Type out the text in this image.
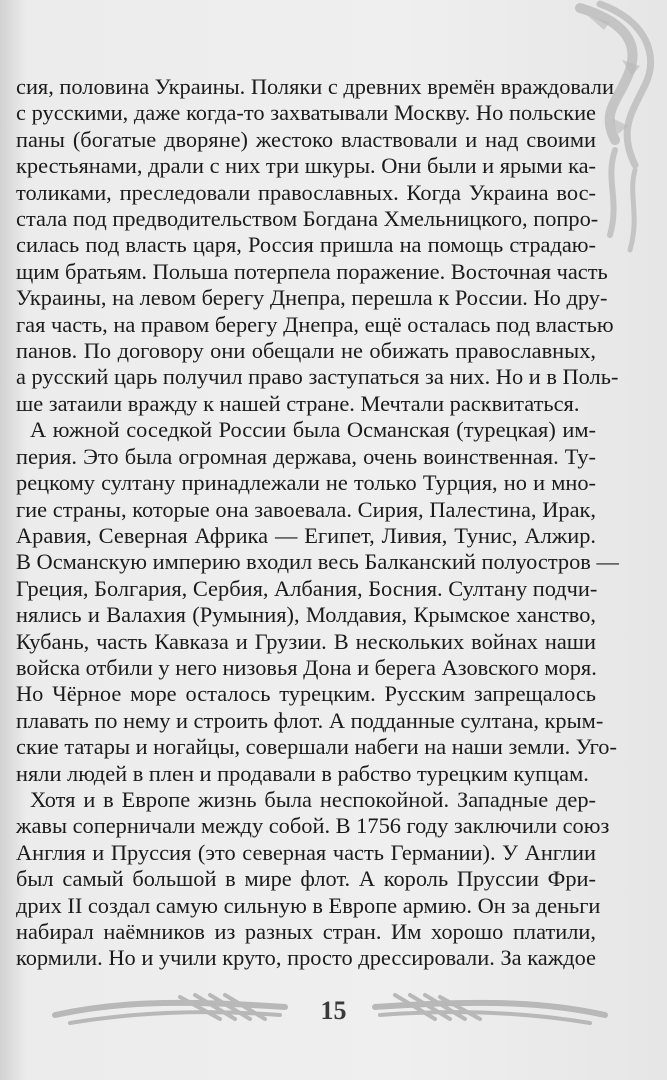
сия, половина Украины. Поляки с древних времён враждовали
с русскими, даже когда-то захватывали Москву. Но польские
паны (богатые дворяне) жестоко властвовали и над своими
крестьянами, драли с них три шкуры. Они были и ярыми ка-
толиками, преследовали православных. Когда Украина вос-
стала под предводительством Богдана Хмельницкого, попро-
силась под власть царя, Россия пришла на помощь страдаю-
щим братьям. Польша потерпела поражение. Восточная часть
Украины, на левом берегу Днепра, перешла к России. Но дру-
гая часть, на правом берегу Днепра, ещё осталась под властью
панов. По договору они обещали не обижать православных,
а русский царь получил право заступаться за них. Но и в Поль-
ше затаили вражду к нашей стране. Мечтали расквитаться.
А южной соседкой России была Османская (турецкая) им-
перия. Это была огромная держава, очень воинственная. Ту-
рецкому султану принадлежали не только Турция, но и мно-
гие страны, которые она завоевала. Сирия, Палестина, Ирак,
Аравия, Северная Африка — Египет, Ливия, Тунис, Алжир.
В Османскую империю входил весь Балканский полуостров —
Греция, Болгария, Сербия, Албания, Босния. Султану подчи-
нялись и Валахия (Румыния), Молдавия, Крымское ханство,
Кубань, часть Кавказа и Грузии. В нескольких войнах наши
войска отбили у него низовья Дона и берега Азовского моря.
Но Чёрное море осталось турецким. Русским запрещалось
плавать по нему и строить флот. А подданные султана, крым-
ские татары и ногайцы, совершали набеги на наши земли. Уго-
няли людей в плен и продавали в рабство турецким купцам.
Хотя и в Европе жизнь была неспокойной. Западные дер-
жавы соперничали между собой. В 1756 году заключили союз
Англия и Пруссия (это северная часть Германии). У Англии
был самый большой в мире флот. А король Пруссии Фри-
дрих II создал самую сильную в Европе армию. Он за деньги
набирал наёмников из разных стран. Им хорошо платили,
кормили. Но и учили круто, просто дрессировали. За каждое
15
